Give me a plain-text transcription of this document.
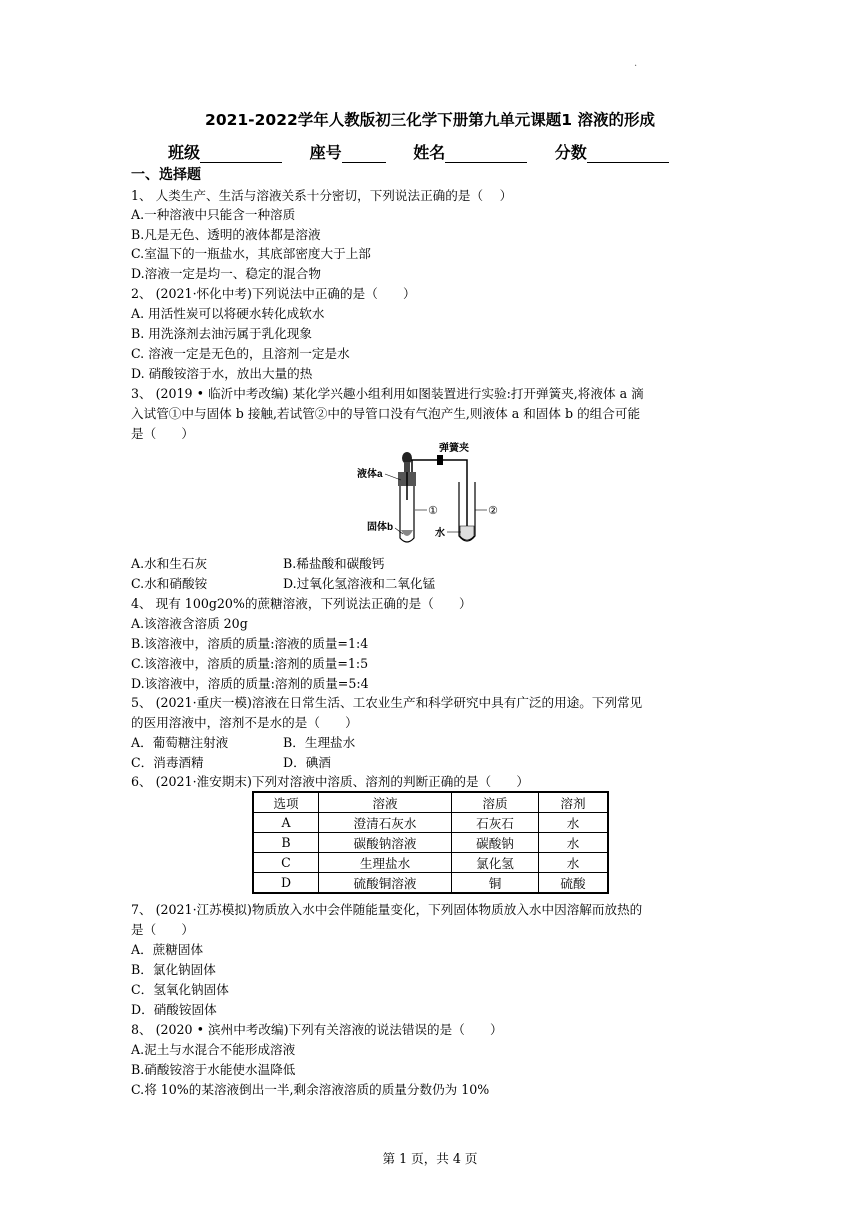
.
2021-2022学年人教版初三化学下册第九单元课题1 溶液的形成
班级	座号	姓名	分数
一、选择题
1、 人类生产、生活与溶液关系十分密切，下列说法正确的是（　 ）
A.一种溶液中只能含一种溶质
B.凡是无色、透明的液体都是溶液
C.室温下的一瓶盐水，其底部密度大于上部
D.溶液一定是均一、稳定的混合物
2、 (2021·怀化中考)下列说法中正确的是（　　）
A. 用活性炭可以将硬水转化成软水
B. 用洗涤剂去油污属于乳化现象
C. 溶液一定是无色的，且溶剂一定是水
D. 硝酸铵溶于水，放出大量的热
3、 (2019 • 临沂中考改编) 某化学兴趣小组利用如图装置进行实验:打开弹簧夹,将液体 a 滴
入试管①中与固体 b 接触,若试管②中的导管口没有气泡产生,则液体 a 和固体 b 的组合可能
是（　　）
弹簧夹
液体a
固体b
①	②
水
A.水和生石灰	B.稀盐酸和碳酸钙
C.水和硝酸铵	D.过氧化氢溶液和二氧化锰
4、 现有 100g20%的蔗糖溶液，下列说法正确的是（　　）
A.该溶液含溶质 20g
B.该溶液中，溶质的质量:溶液的质量=1:4
C.该溶液中，溶质的质量:溶剂的质量=1:5
D.该溶液中，溶质的质量:溶剂的质量=5:4
5、 (2021·重庆一模)溶液在日常生活、工农业生产和科学研究中具有广泛的用途。下列常见
的医用溶液中，溶剂不是水的是（　　）
A．葡萄糖注射液	B．生理盐水
C．消毒酒精	D．碘酒
6、 (2021·淮安期末)下列对溶液中溶质、溶剂的判断正确的是（　　）
选项	溶液	溶质	溶剂
A	澄清石灰水	石灰石	水
B	碳酸钠溶液	碳酸钠	水
C	生理盐水	氯化氢	水
D	硫酸铜溶液	铜	硫酸
7、 (2021·江苏模拟)物质放入水中会伴随能量变化，下列固体物质放入水中因溶解而放热的
是（　　）
A．蔗糖固体
B．氯化钠固体
C．氢氧化钠固体
D．硝酸铵固体
8、 (2020 • 滨州中考改编)下列有关溶液的说法错误的是（　　）
A.泥土与水混合不能形成溶液
B.硝酸铵溶于水能使水温降低
C.将 10%的某溶液倒出一半,剩余溶液溶质的质量分数仍为 10%
第 1 页，共 4 页
